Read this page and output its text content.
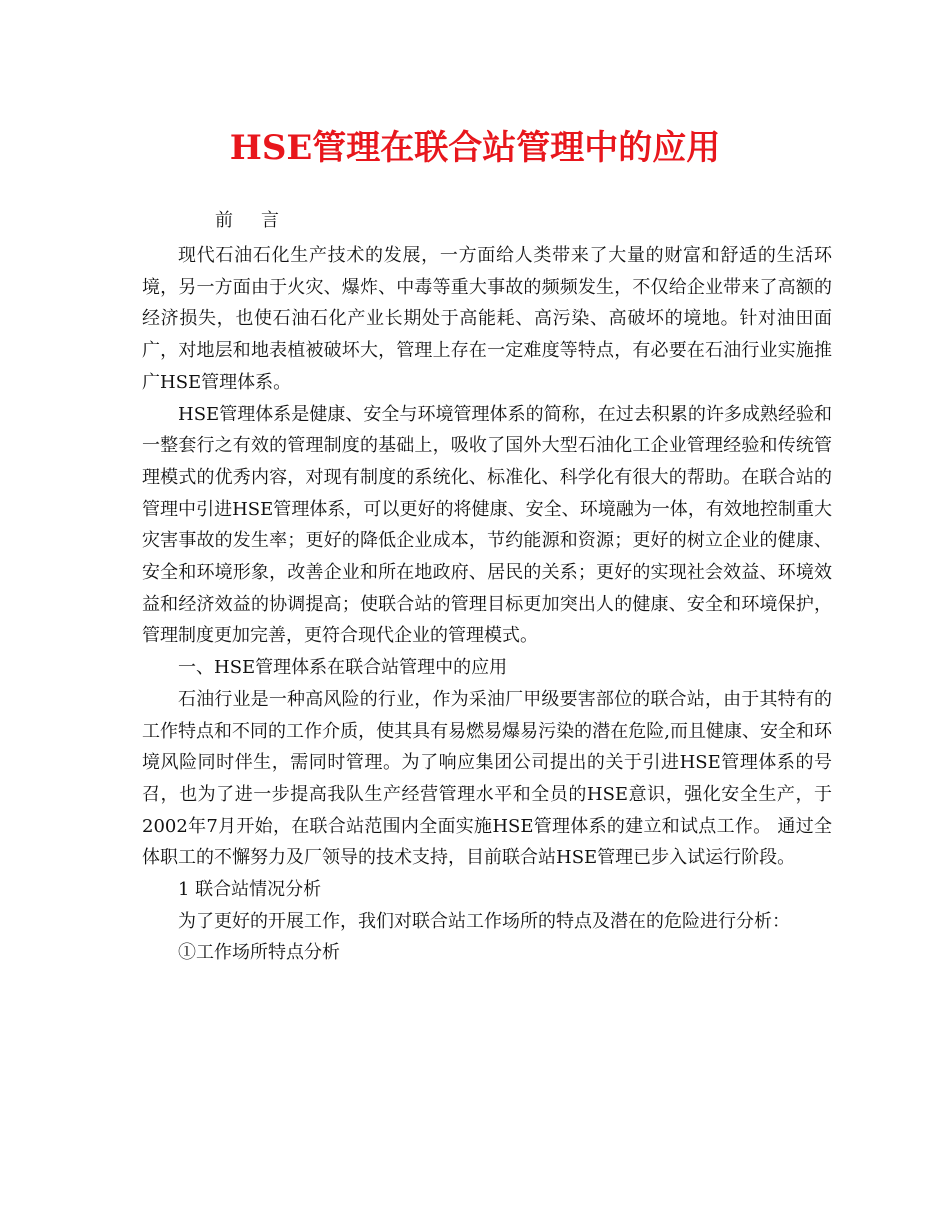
HSE管理在联合站管理中的应用
前 言

现代石油石化生产技术的发展，一方面给人类带来了大量的财富和舒适的生活环境，另一方面由于火灾、爆炸、中毒等重大事故的频频发生，不仅给企业带来了高额的经济损失，也使石油石化产业长期处于高能耗、高污染、高破坏的境地。针对油田面广，对地层和地表植被破坏大，管理上存在一定难度等特点，有必要在石油行业实施推广HSE管理体系。

HSE管理体系是健康、安全与环境管理体系的简称，在过去积累的许多成熟经验和一整套行之有效的管理制度的基础上，吸收了国外大型石油化工企业管理经验和传统管理模式的优秀内容，对现有制度的系统化、标准化、科学化有很大的帮助。在联合站的管理中引进HSE管理体系，可以更好的将健康、安全、环境融为一体，有效地控制重大灾害事故的发生率；更好的降低企业成本，节约能源和资源；更好的树立企业的健康、安全和环境形象，改善企业和所在地政府、居民的关系；更好的实现社会效益、环境效益和经济效益的协调提高；使联合站的管理目标更加突出人的健康、安全和环境保护，管理制度更加完善，更符合现代企业的管理模式。

一、HSE管理体系在联合站管理中的应用

石油行业是一种高风险的行业，作为采油厂甲级要害部位的联合站，由于其特有的工作特点和不同的工作介质，使其具有易燃易爆易污染的潜在危险,而且健康、安全和环境风险同时伴生，需同时管理。为了响应集团公司提出的关于引进HSE管理体系的号召，也为了进一步提高我队生产经营管理水平和全员的HSE意识，强化安全生产，于2002年7月开始，在联合站范围内全面实施HSE管理体系的建立和试点工作。 通过全体职工的不懈努力及厂领导的技术支持，目前联合站HSE管理已步入试运行阶段。

1 联合站情况分析

为了更好的开展工作，我们对联合站工作场所的特点及潜在的危险进行分析：

①工作场所特点分析
